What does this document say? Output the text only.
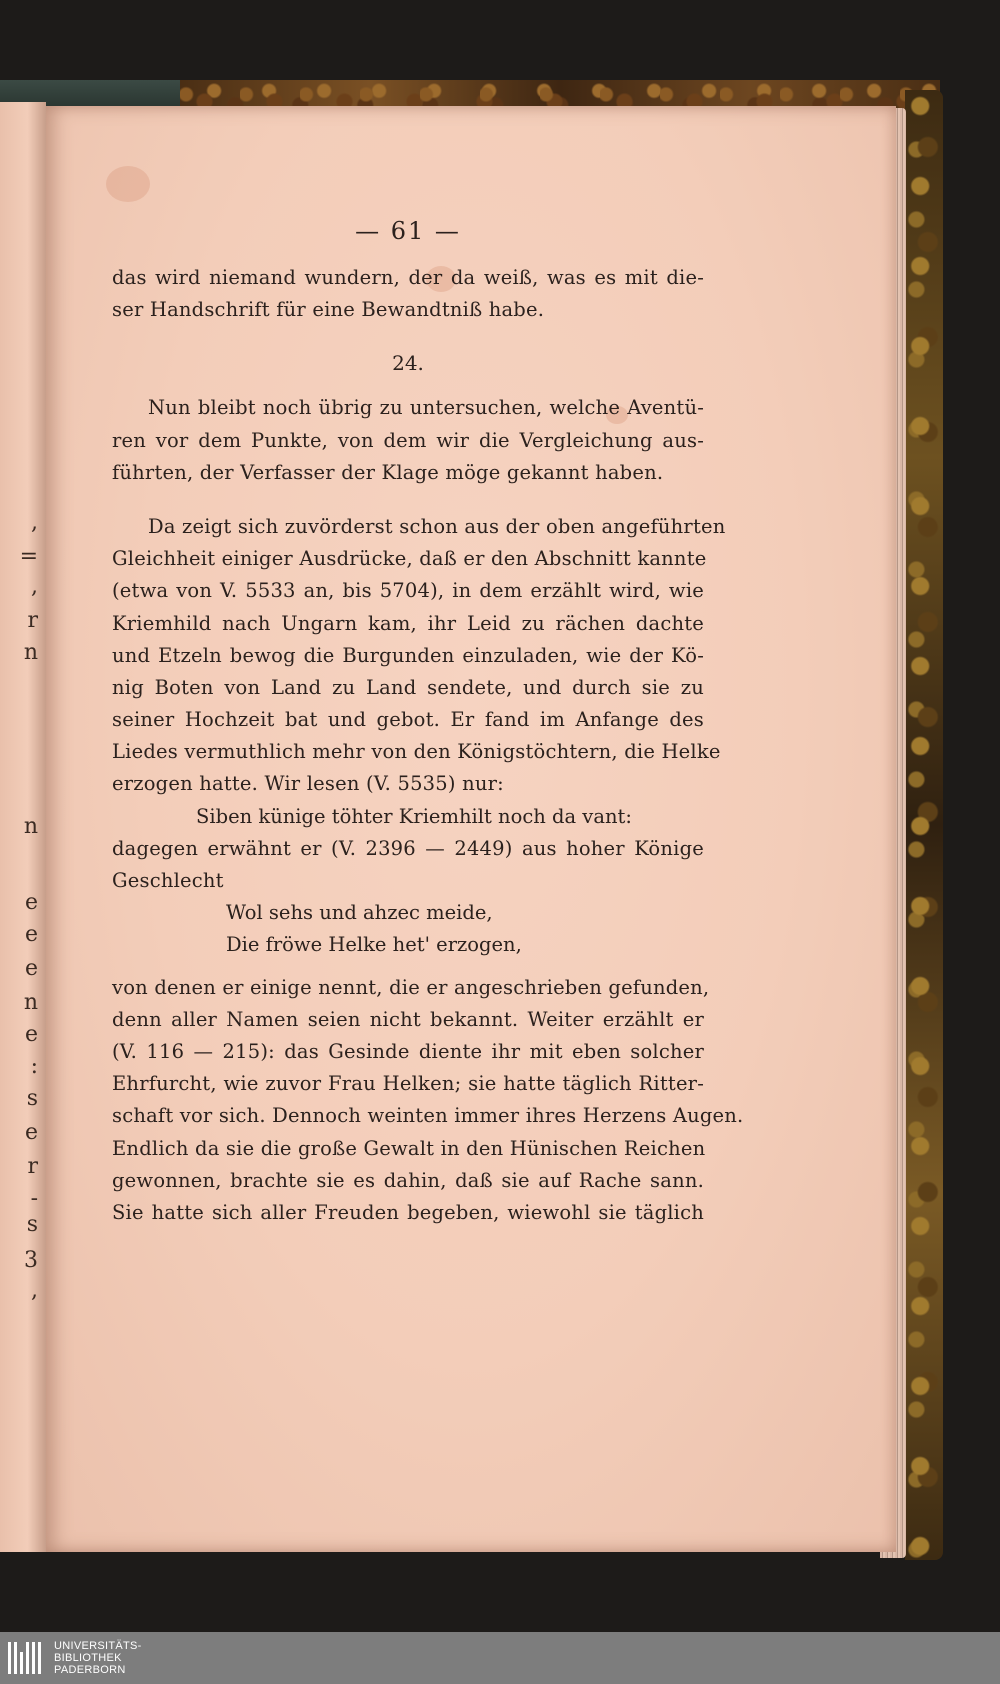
,
=
,
r
n
n
e
e
e
n
e
:
s
e
r
-
s
3
,
— 61 —
das wird niemand wundern, der da weiß, was es mit die-
ser Handschrift für eine Bewandtniß habe.
24.
Nun bleibt noch übrig zu untersuchen, welche Aventü-
ren vor dem Punkte, von dem wir die Vergleichung aus-
führten, der Verfasser der Klage möge gekannt haben.
Da zeigt sich zuvörderst schon aus der oben angeführten
Gleichheit einiger Ausdrücke, daß er den Abschnitt kannte
(etwa von V. 5533 an, bis 5704), in dem erzählt wird, wie
Kriemhild nach Ungarn kam, ihr Leid zu rächen dachte
und Etzeln bewog die Burgunden einzuladen, wie der Kö-
nig Boten von Land zu Land sendete, und durch sie zu
seiner Hochzeit bat und gebot. Er fand im Anfange des
Liedes vermuthlich mehr von den Königstöchtern, die Helke
erzogen hatte. Wir lesen (V. 5535) nur:
Siben künige töhter Kriemhilt noch da vant:
dagegen erwähnt er (V. 2396 — 2449) aus hoher Könige
Geschlecht
Wol sehs und ahzec meide,
Die fröwe Helke het' erzogen,
von denen er einige nennt, die er angeschrieben gefunden,
denn aller Namen seien nicht bekannt. Weiter erzählt er
(V. 116 — 215): das Gesinde diente ihr mit eben solcher
Ehrfurcht, wie zuvor Frau Helken; sie hatte täglich Ritter-
schaft vor sich. Dennoch weinten immer ihres Herzens Augen.
Endlich da sie die große Gewalt in den Hünischen Reichen
gewonnen, brachte sie es dahin, daß sie auf Rache sann.
Sie hatte sich aller Freuden begeben, wiewohl sie täglich
UNIVERSITÄTS-
BIBLIOTHEK
PADERBORN
